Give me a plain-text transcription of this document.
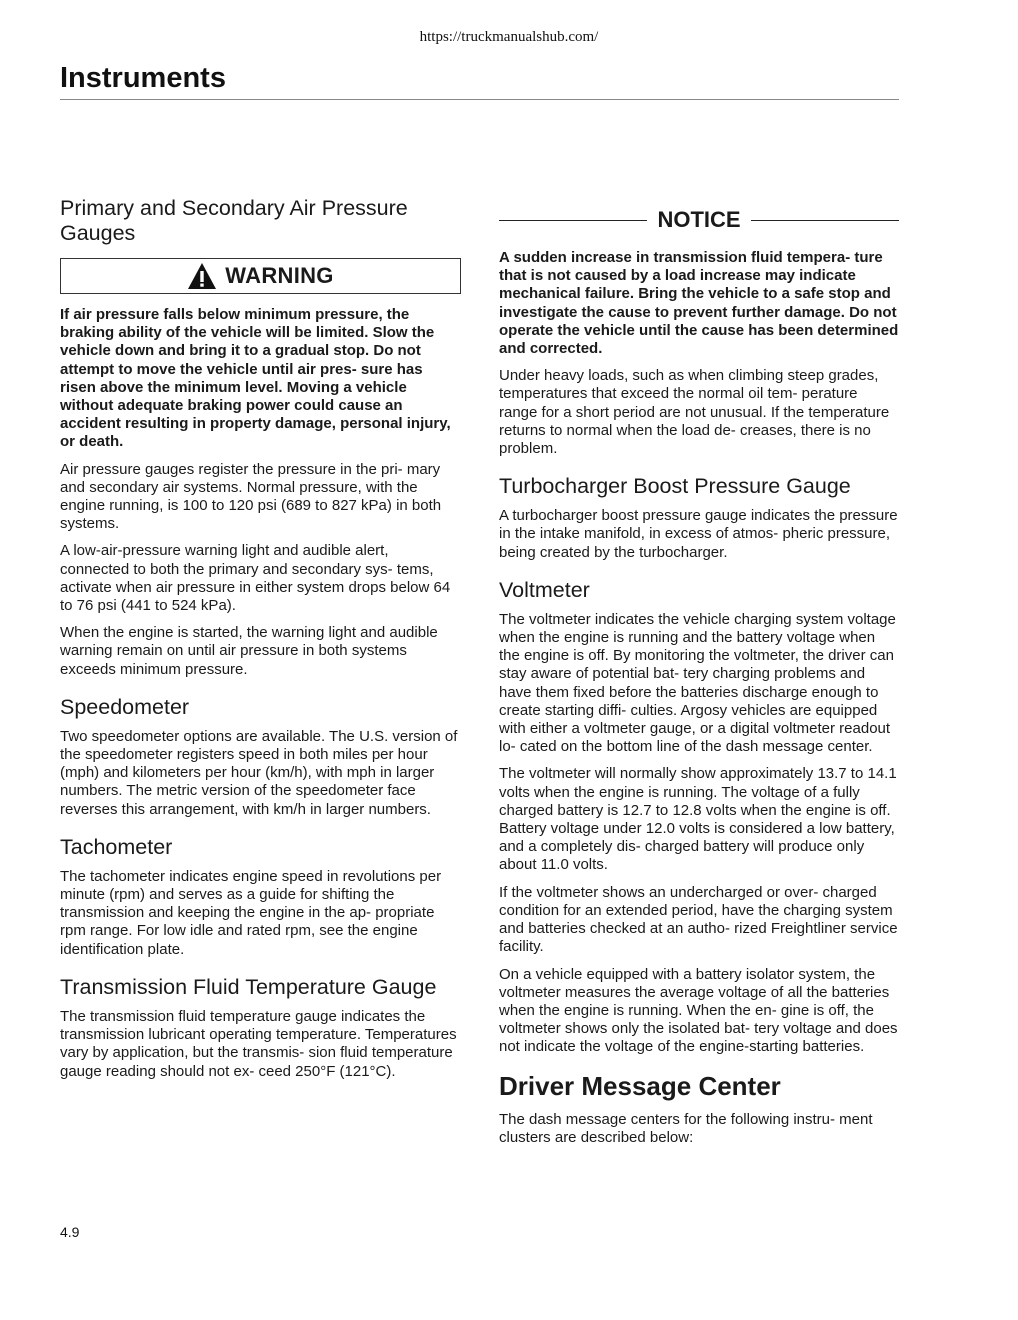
https://truckmanualshub.com/
Instruments
Primary and Secondary Air Pressure Gauges
WARNING

If air pressure falls below minimum pressure, the braking ability of the vehicle will be limited. Slow the vehicle down and bring it to a gradual stop. Do not attempt to move the vehicle until air pres- sure has risen above the minimum level. Moving a vehicle without adequate braking power could cause an accident resulting in property damage, personal injury, or death.

Air pressure gauges register the pressure in the pri- mary and secondary air systems. Normal pressure, with the engine running, is 100 to 120 psi (689 to 827 kPa) in both systems.

A low-air-pressure warning light and audible alert, connected to both the primary and secondary sys- tems, activate when air pressure in either system drops below 64 to 76 psi (441 to 524 kPa).

When the engine is started, the warning light and audible warning remain on until air pressure in both systems exceeds minimum pressure.

Speedometer

Two speedometer options are available. The U.S. version of the speedometer registers speed in both miles per hour (mph) and kilometers per hour (km/h), with mph in larger numbers. The metric version of the speedometer face reverses this arrangement, with km/h in larger numbers.

Tachometer

The tachometer indicates engine speed in revolutions per minute (rpm) and serves as a guide for shifting the transmission and keeping the engine in the ap- propriate rpm range. For low idle and rated rpm, see the engine identification plate.

Transmission Fluid Temperature Gauge

The transmission fluid temperature gauge indicates the transmission lubricant operating temperature. Temperatures vary by application, but the transmis- sion fluid temperature gauge reading should not ex- ceed 250°F (121°C).

NOTICE

A sudden increase in transmission fluid tempera- ture that is not caused by a load increase may indicate mechanical failure. Bring the vehicle to a safe stop and investigate the cause to prevent further damage. Do not operate the vehicle until the cause has been determined and corrected.

Under heavy loads, such as when climbing steep grades, temperatures that exceed the normal oil tem- perature range for a short period are not unusual. If the temperature returns to normal when the load de- creases, there is no problem.

Turbocharger Boost Pressure Gauge

A turbocharger boost pressure gauge indicates the pressure in the intake manifold, in excess of atmos- pheric pressure, being created by the turbocharger.

Voltmeter

The voltmeter indicates the vehicle charging system voltage when the engine is running and the battery voltage when the engine is off. By monitoring the voltmeter, the driver can stay aware of potential bat- tery charging problems and have them fixed before the batteries discharge enough to create starting diffi- culties. Argosy vehicles are equipped with either a voltmeter gauge, or a digital voltmeter readout lo- cated on the bottom line of the dash message center.

The voltmeter will normally show approximately 13.7 to 14.1 volts when the engine is running. The voltage of a fully charged battery is 12.7 to 12.8 volts when the engine is off. Battery voltage under 12.0 volts is considered a low battery, and a completely dis- charged battery will produce only about 11.0 volts.

If the voltmeter shows an undercharged or over- charged condition for an extended period, have the charging system and batteries checked at an autho- rized Freightliner service facility.

On a vehicle equipped with a battery isolator system, the voltmeter measures the average voltage of all the batteries when the engine is running. When the en- gine is off, the voltmeter shows only the isolated bat- tery voltage and does not indicate the voltage of the engine-starting batteries.

Driver Message Center

The dash message centers for the following instru- ment clusters are described below:

4.9
